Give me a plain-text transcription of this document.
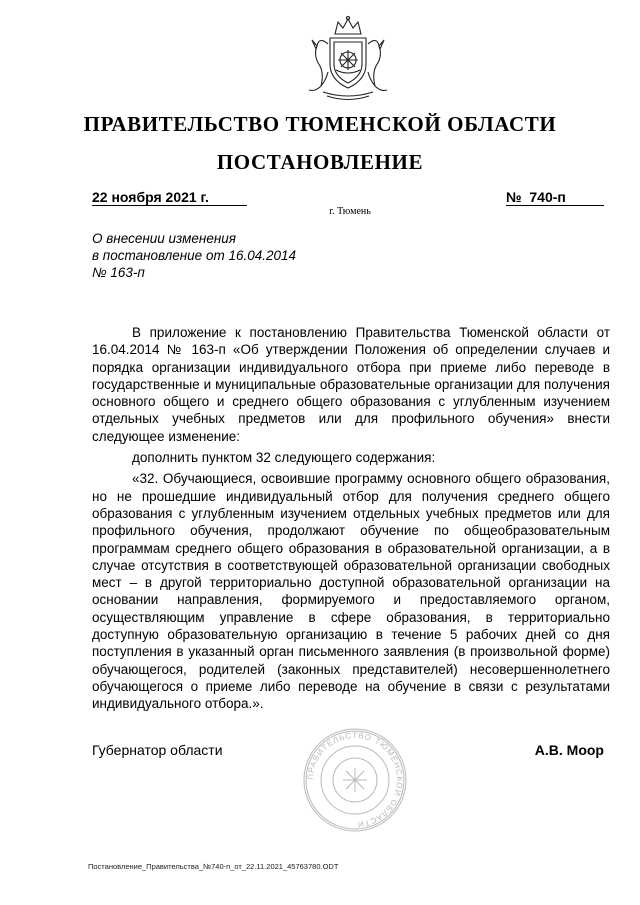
ПРАВИТЕЛЬСТВО ТЮМЕНСКОЙ ОБЛАСТИ
ПОСТАНОВЛЕНИЕ
22 ноября 2021 г.	№  740-п
г. Тюмень
О внесении изменения
в постановление от 16.04.2014
№ 163-п

В приложение к постановлению Правительства Тюменской области от 16.04.2014 № 163-п «Об утверждении Положения об определении случаев и порядка организации индивидуального отбора при приеме либо переводе в государственные и муниципальные образовательные организации для получения основного общего и среднего общего образования с углубленным изучением отдельных учебных предметов или для профильного обучения» внести следующее изменение:

дополнить пунктом 32 следующего содержания:

«32. Обучающиеся, освоившие программу основного общего образования, но не прошедшие индивидуальный отбор для получения среднего общего образования с углубленным изучением отдельных учебных предметов или для профильного обучения, продолжают обучение по общеобразовательным программам среднего общего образования в образовательной организации, а в случае отсутствия в соответствующей образовательной организации свободных мест – в другой территориально доступной образовательной организации на основании направления, формируемого и предоставляемого органом, осуществляющим управление в сфере образования, в территориально доступную образовательную организацию в течение 5 рабочих дней со дня поступления в указанный орган письменного заявления (в произвольной форме) обучающегося, родителей (законных представителей) несовершеннолетнего обучающегося о приеме либо переводе на обучение в связи с результатами индивидуального отбора.».

ПРАВИТЕЛЬСТВО ТЮМЕНСКОЙ ОБЛАСТИ
Губернатор области	А.В. Моор
Постановление_Правительства_№740-п_от_22.11.2021_45763780.ODT
